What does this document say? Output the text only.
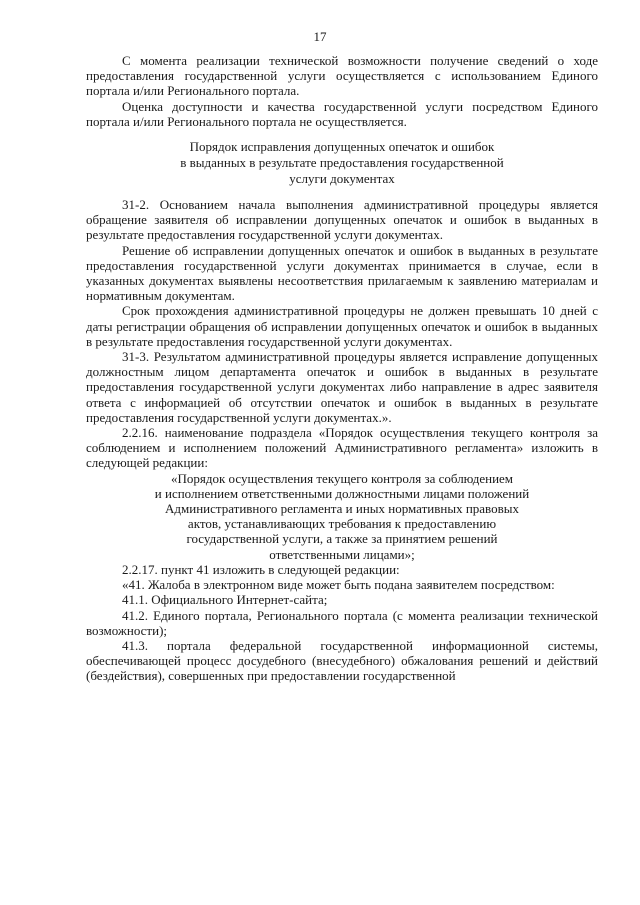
17

С момента реализации технической возможности получение сведений о ходе предоставления государственной услуги осуществляется с использованием Единого портала и/или Регионального портала.

Оценка доступности и качества государственной услуги посредством Единого портала и/или Регионального портала не осуществляется.

Порядок исправления допущенных опечаток и ошибок
в выданных в результате предоставления государственной
услуги документах

31-2. Основанием начала выполнения административной процедуры является обращение заявителя об исправлении допущенных опечаток и ошибок в выданных в результате предоставления государственной услуги документах.

Решение об исправлении допущенных опечаток и ошибок в выданных в результате предоставления государственной услуги документах принимается в случае, если в указанных документах выявлены несоответствия прилагаемым к заявлению материалам и нормативным документам.

Срок прохождения административной процедуры не должен превышать 10 дней с даты регистрации обращения об исправлении допущенных опечаток и ошибок в выданных в результате предоставления государственной услуги документах.

31-3. Результатом административной процедуры является исправление допущенных должностным лицом департамента опечаток и ошибок в выданных в результате предоставления государственной услуги документах либо направление в адрес заявителя ответа с информацией об отсутствии опечаток и ошибок в выданных в результате предоставления государственной услуги документах.».

2.2.16. наименование подраздела «Порядок осуществления текущего контроля за соблюдением и исполнением положений Административного регламента» изложить в следующей редакции:

«Порядок осуществления текущего контроля за соблюдением
и исполнением ответственными должностными лицами положений
Административного регламента и иных нормативных правовых
актов, устанавливающих требования к предоставлению
государственной услуги, а также за принятием решений
ответственными лицами»;

2.2.17. пункт 41 изложить в следующей редакции:

«41. Жалоба в электронном виде может быть подана заявителем посредством:

41.1. Официального Интернет-сайта;

41.2. Единого портала, Регионального портала (с момента реализации технической возможности);

41.3. портала федеральной государственной информационной системы, обеспечивающей процесс досудебного (внесудебного) обжалования решений и действий (бездействия), совершенных при предоставлении государственной
